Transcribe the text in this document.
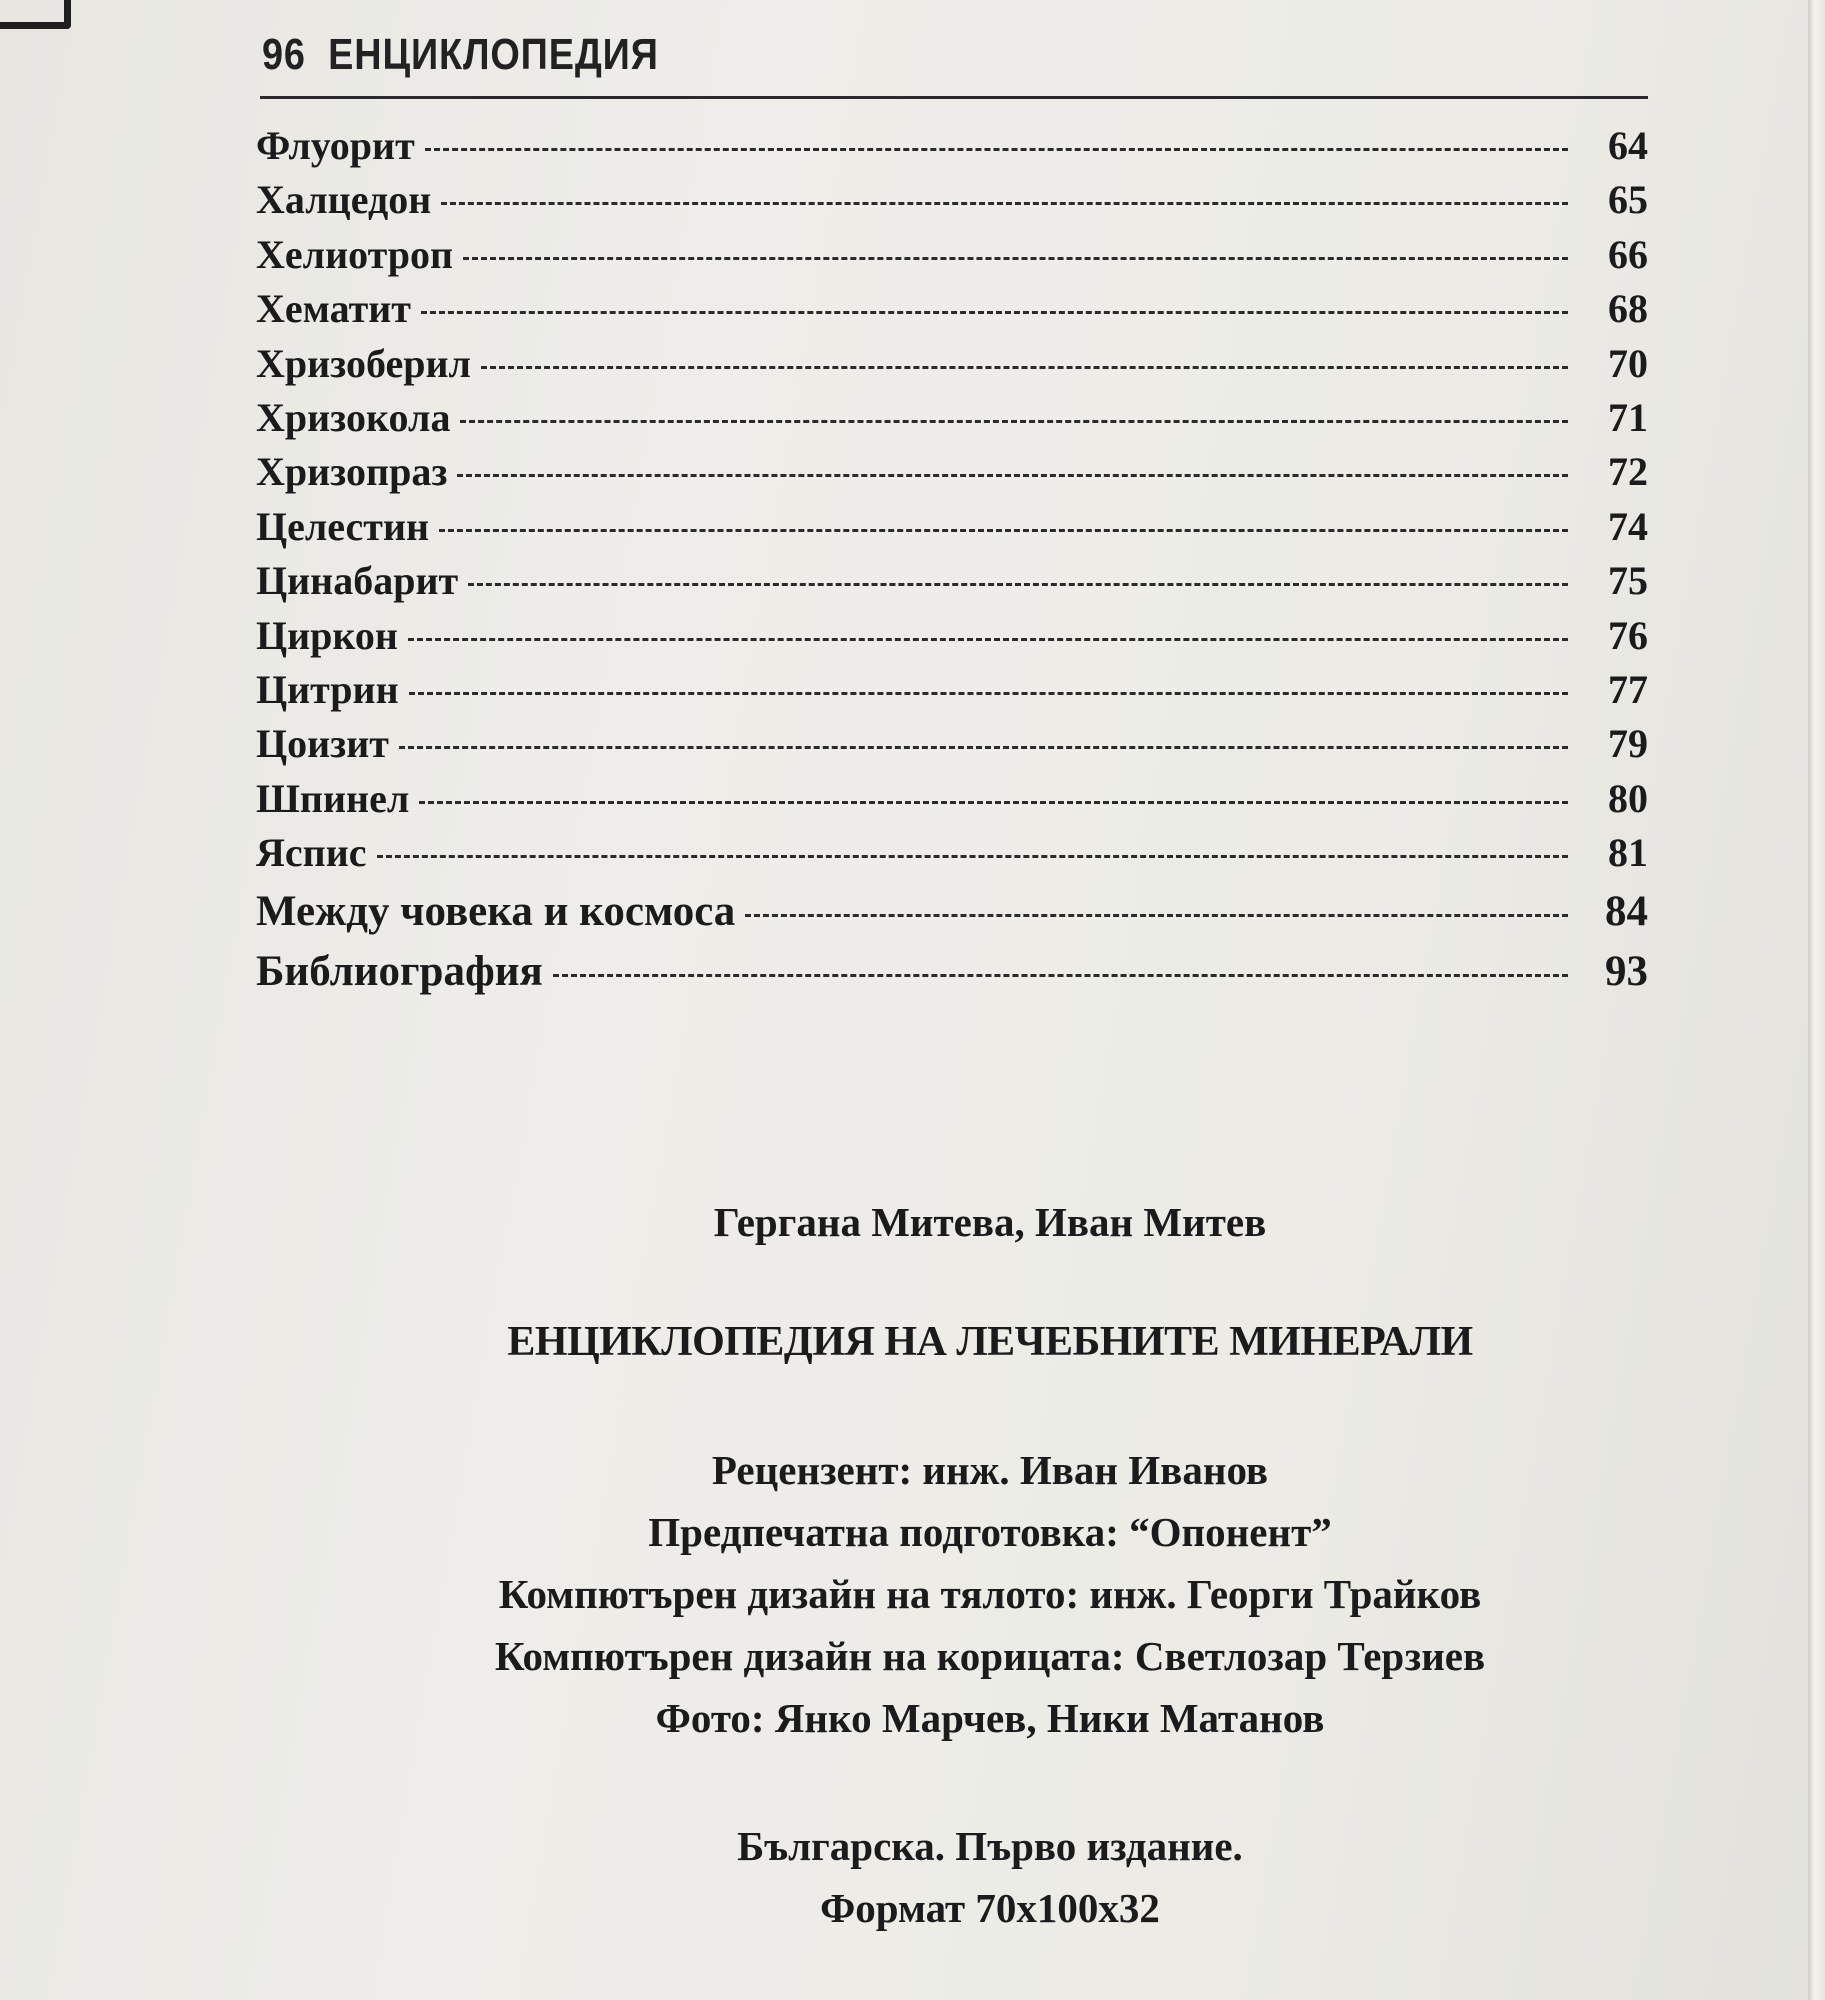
96 ЕНЦИКЛОПЕДИЯ
Флуорит	64
Халцедон	65
Хелиотроп	66
Хематит	68
Хризоберил	70
Хризокола	71
Хризопраз	72
Целестин	74
Цинабарит	75
Циркон	76
Цитрин	77
Цоизит	79
Шпинел	80
Яспис	81
Между човека и космоса	84
Библиография	93
Гергана Митева, Иван Митев
ЕНЦИКЛОПЕДИЯ НА ЛЕЧЕБНИТЕ МИНЕРАЛИ
Рецензент: инж. Иван Иванов
Предпечатна подготовка: “Опонент”
Компютърен дизайн на тялото: инж. Георги Трайков
Компютърен дизайн на корицата: Светлозар Терзиев
Фото: Янко Марчев, Ники Матанов
Българска. Първо издание.
Формат 70х100х32
